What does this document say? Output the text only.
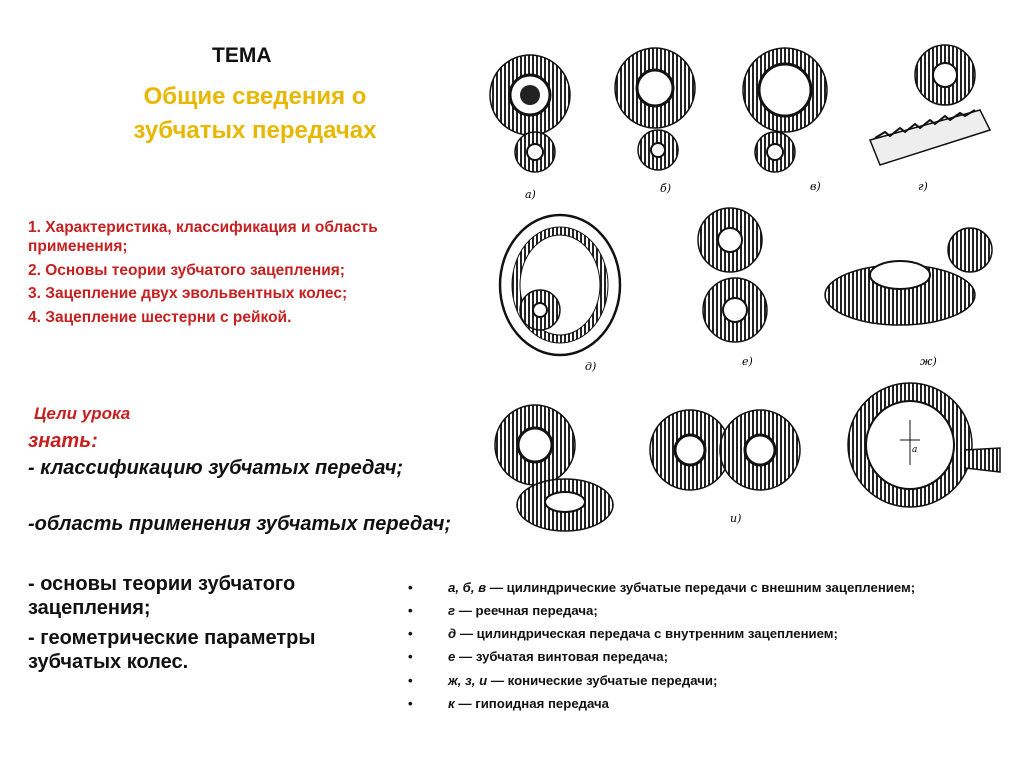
ТЕМА
Общие сведения о
зубчатых передачах
1. Характеристика, классификация и область применения;
2. Основы теории зубчатого зацепления;
3. Зацепление двух эвольвентных колес;
4. Зацепление шестерни с рейкой.
Цели урока
знать:
- классификацию зубчатых передач;
-область применения зубчатых передач;
- основы теории зубчатого зацепления;
- геометрические параметры зубчатых колес.
•	а, б, в — цилиндрические зубчатые передачи с внешним зацеплением;
•	г — реечная передача;
•	д — цилиндрическая передача с внутренним зацеплением;
•	е — зубчатая винтовая передача;
•	ж, з, и — конические зубчатые передачи;
•	к — гипоидная передача
а)	б)	в)	г)
д)	е)	ж)
и)
a
